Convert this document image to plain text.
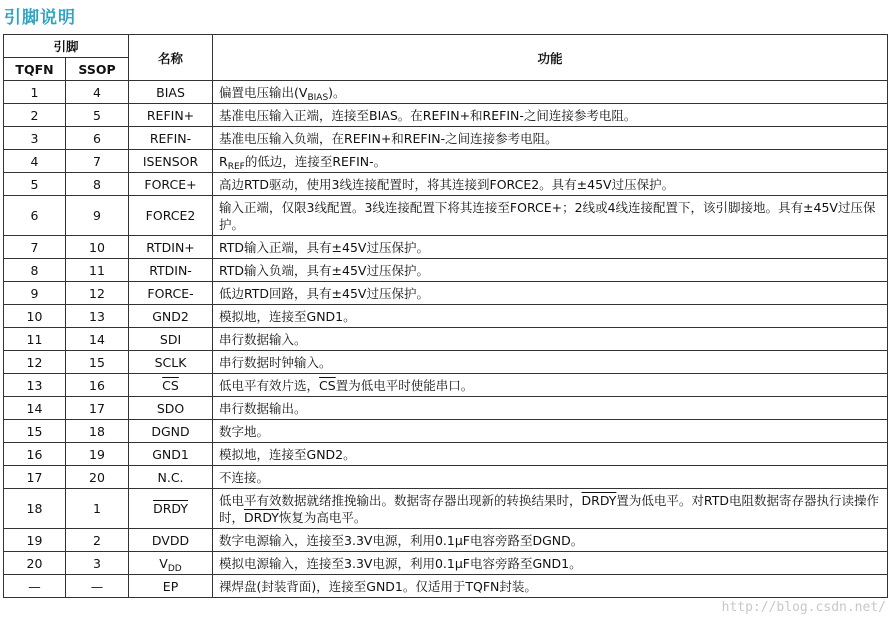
引脚说明
引脚		名称	功能
TQFN	SSOP		
1	4	BIAS	偏置电压输出$(V_{BIAS})$。
2	5	REFIN+	基准电压输入正端，连接至BIAS。在REFIN+和REFIN-之间连接参考电阻。
3	6	REFIN-	基准电压输入负端，在REFIN+和REFIN-之间连接参考电阻。
4	7	ISENSOR	$R_{REF}$的低边，连接至REFIN-。
5	8	FORCE+	高边RTD驱动，使用3线连接配置时，将其连接到FORCE2。具有±45V过压保护。
6	9	FORCE2	输入正端，仅限3线配置。3线连接配置下将其连接至FORCE+；2线或4线连接配置下，该引脚接地。具有±45V过压保护。
7	10	RTDIN+	RTD输入正端，具有±45V过压保护。
8	11	RTDIN-	RTD输入负端，具有±45V过压保护。
9	12	FORCE-	低边RTD回路，具有±45V过压保护。
10	13	GND2	模拟地，连接至GND1。
11	14	SDI	串行数据输入。
12	15	SCLK	串行数据时钟输入。
13	16	$\overline{CS}$	低电平有效片选，$\overline{CS}$置为低电平时使能串口。
14	17	SDO	串行数据输出。
15	18	DGND	数字地。
16	19	GND1	模拟地，连接至GND2。
17	20	N.C.	不连接。
18	1	DRDY	低电平有效数据就绪推挽输出。数据寄存器出现新的转换结果时，DRDY置为低电平。对RTD电阻数据寄存器执行读操作时，DRDY恢复为高电平。
19	2	DVDD	数字电源输入，连接至3.3V电源，利用0.1μF电容旁路至DGND。
20	3	$V_{DD}$	模拟电源输入，连接至3.3V电源，利用0.1μF电容旁路至GND1。
—	—	EP	裸焊盘(封装背面)，连接至GND1。仅适用于TQFN封装。
http://blog.csdn.net/
